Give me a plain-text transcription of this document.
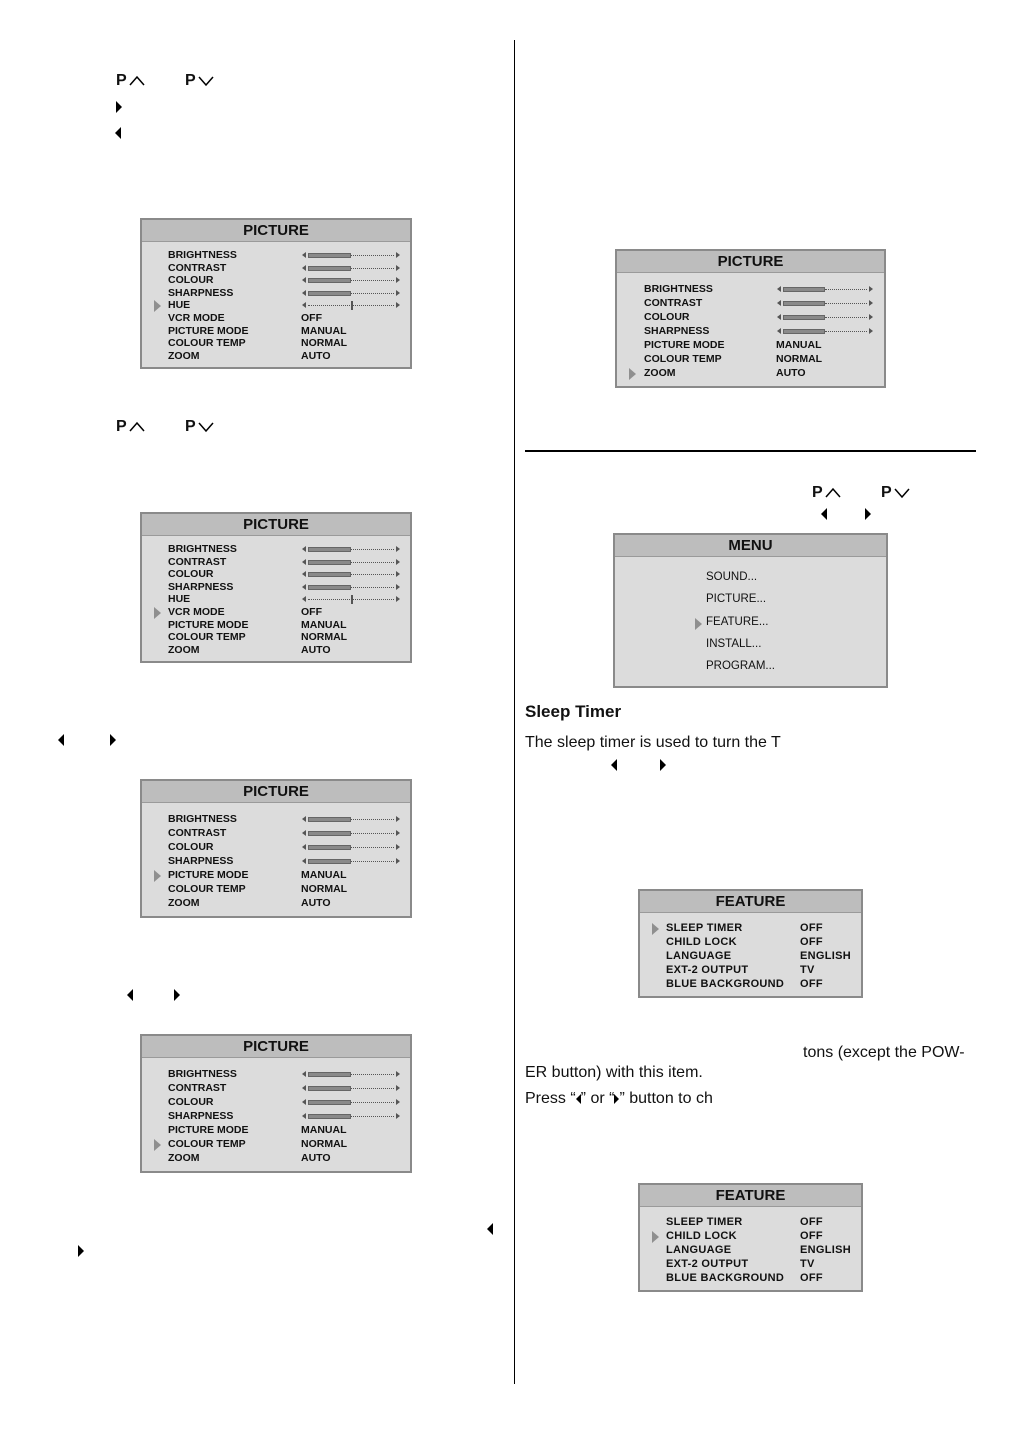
P	P
PICTURE
BRIGHTNESS
CONTRAST
COLOUR
SHARPNESS
HUE
VCR MODE	OFF
PICTURE MODE	MANUAL
COLOUR TEMP	NORMAL
ZOOM	AUTO
P	P
PICTURE
BRIGHTNESS
CONTRAST
COLOUR
SHARPNESS
HUE
VCR MODE	OFF
PICTURE MODE	MANUAL
COLOUR TEMP	NORMAL
ZOOM	AUTO
PICTURE
BRIGHTNESS
CONTRAST
COLOUR
SHARPNESS
PICTURE MODE	MANUAL
COLOUR TEMP	NORMAL
ZOOM	AUTO
PICTURE
BRIGHTNESS
CONTRAST
COLOUR
SHARPNESS
PICTURE MODE	MANUAL
COLOUR TEMP	NORMAL
ZOOM	AUTO
PICTURE
BRIGHTNESS
CONTRAST
COLOUR
SHARPNESS
PICTURE MODE	MANUAL
COLOUR TEMP	NORMAL
ZOOM	AUTO
P	P
MENU
SOUND...
PICTURE...
FEATURE...
INSTALL...
PROGRAM...
Sleep Timer
The sleep timer is used to turn the T
FEATURE
SLEEP TIMER	OFF
CHILD LOCK	OFF
LANGUAGE	ENGLISH
EXT-2 OUTPUT	TV
BLUE BACKGROUND OFF
tons (except the POW-
ER button) with this item.
Press “ ” or “ ” button to ch
FEATURE
SLEEP TIMER	OFF
CHILD LOCK	OFF
LANGUAGE	ENGLISH
EXT-2 OUTPUT	TV
BLUE BACKGROUND OFF
